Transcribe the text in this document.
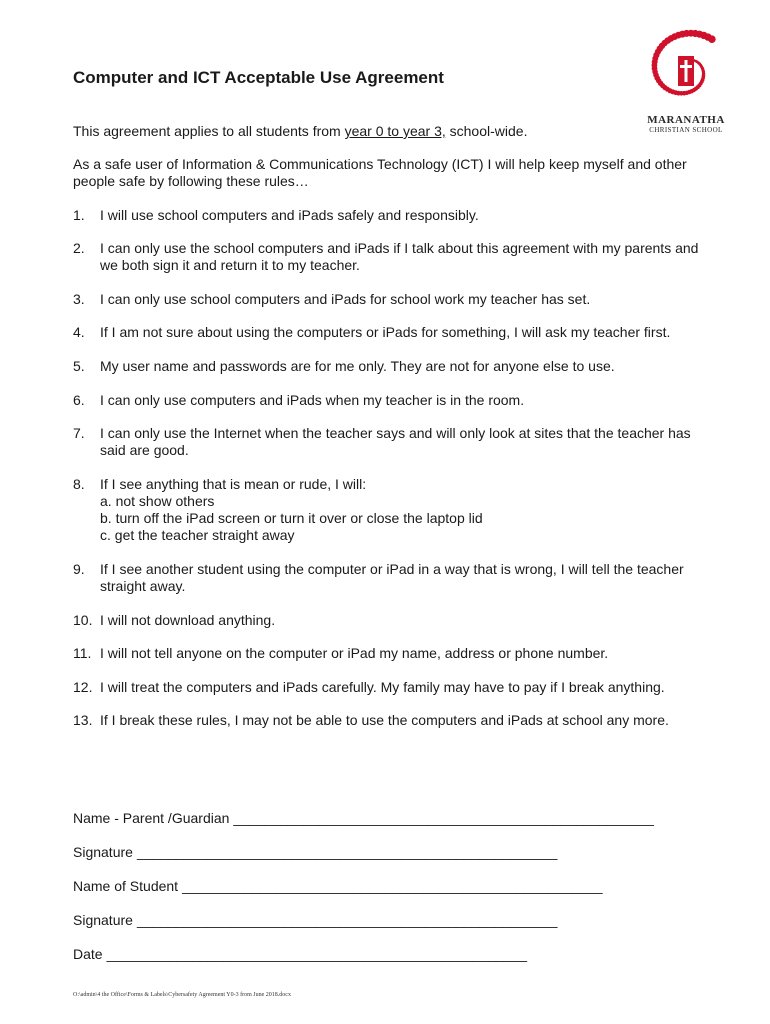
MARANATHA
CHRISTIAN SCHOOL
Computer and ICT Acceptable Use Agreement
This agreement applies to all students from year 0 to year 3, school-wide.
As a safe user of Information & Communications Technology (ICT) I will help keep myself and other people safe by following these rules…
1. I will use school computers and iPads safely and responsibly.
2. I can only use the school computers and iPads if I talk about this agreement with my parents and we both sign it and return it to my teacher.
3. I can only use school computers and iPads for school work my teacher has set.
4. If I am not sure about using the computers or iPads for something, I will ask my teacher first.
5. My user name and passwords are for me only. They are not for anyone else to use.
6. I can only use computers and iPads when my teacher is in the room.
7. I can only use the Internet when the teacher says and will only look at sites that the teacher has said are good.
8. If I see anything that is mean or rude, I will:
a. not show others
b. turn off the iPad screen or turn it over or close the laptop lid
c. get the teacher straight away
9. If I see another student using the computer or iPad in a way that is wrong, I will tell the teacher straight away.
10. I will not download anything.
11. I will not tell anyone on the computer or iPad my name, address or phone number.
12. I will treat the computers and iPads carefully. My family may have to pay if I break anything.
13. If I break these rules, I may not be able to use the computers and iPads at school any more.
Name - Parent /Guardian ______________________________________________________
Signature ______________________________________________________
Name of Student ______________________________________________________
Signature ______________________________________________________
Date ______________________________________________________
O:\admin\4 the Office\Forms & Labels\Cybersafety Agreement Y0-3 from June 2018.docx
